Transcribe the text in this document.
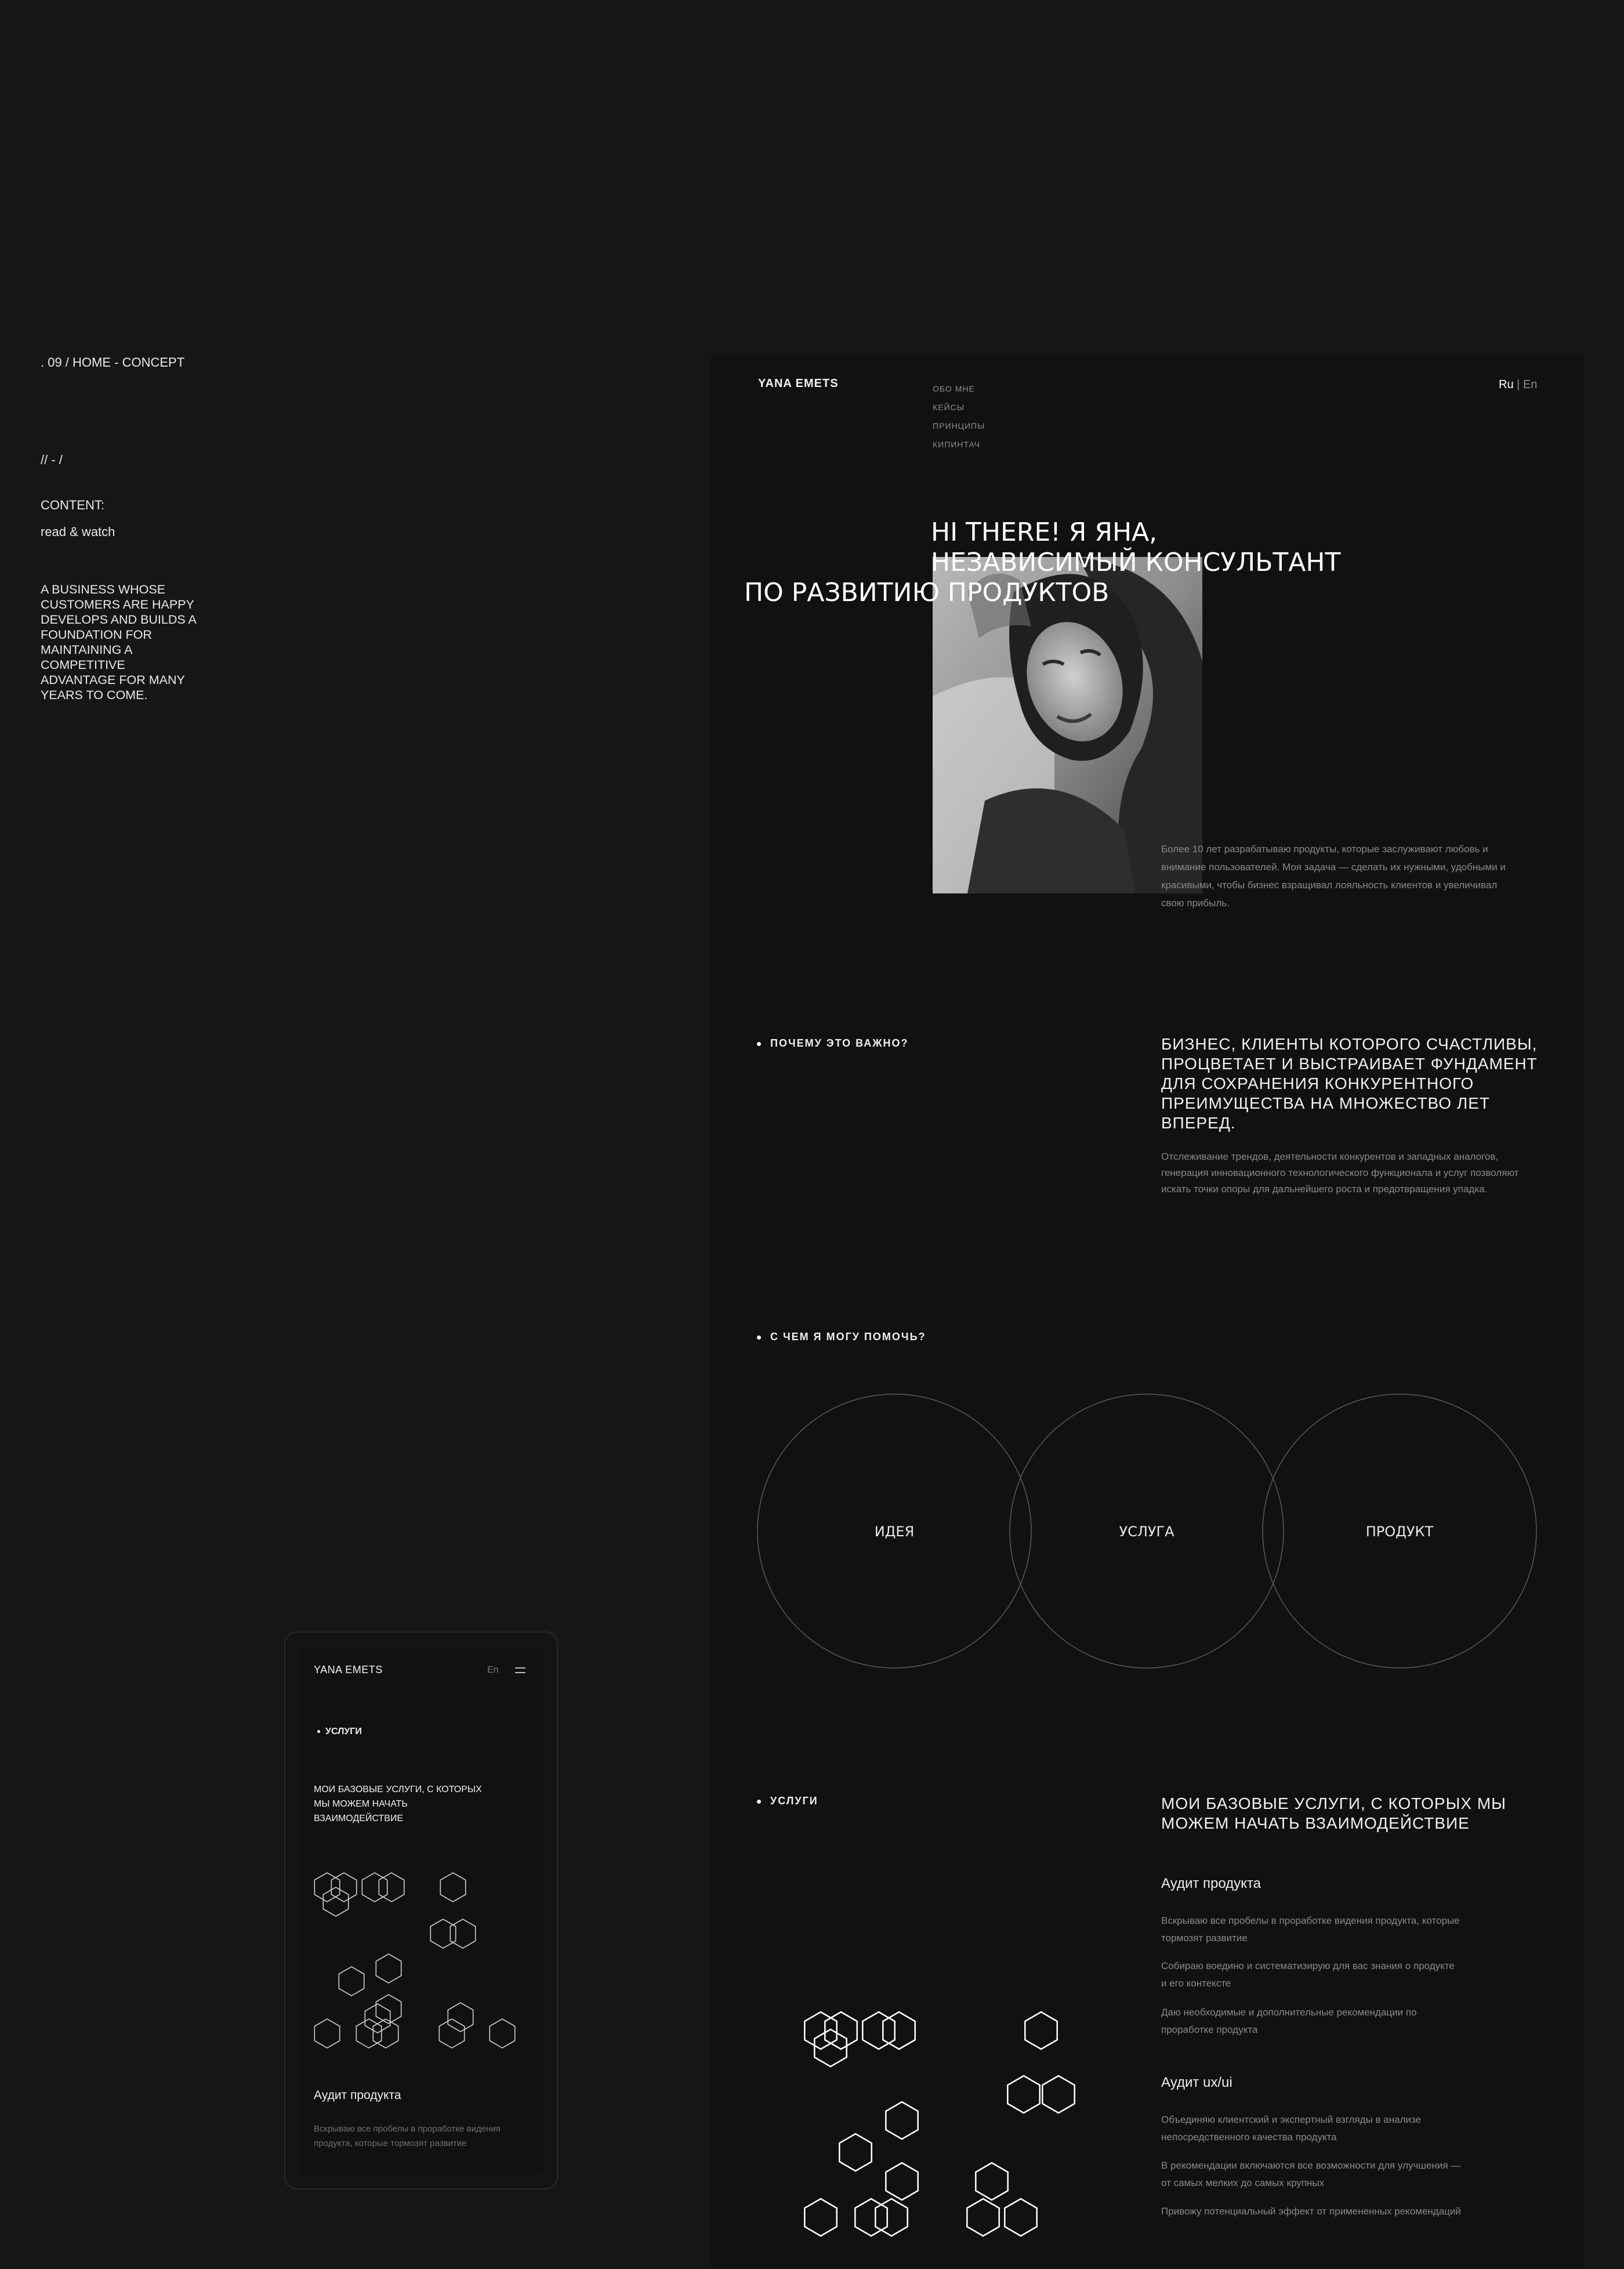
. 09 / HOME - CONCEPT
// - /
CONTENT:
read & watch
A BUSINESS WHOSE CUSTOMERS ARE HAPPY DEVELOPS AND BUILDS A FOUNDATION FOR MAINTAINING A COMPETITIVE ADVANTAGE FOR MANY YEARS TO COME.
YANA EMETS	ОБО МНЕ
КЕЙСЫ
ПРИНЦИПЫ
КИПИНТАЧ
Ru | En
HI THERE! Я ЯНА,
НЕЗАВИСИМЫЙ КОНСУЛЬТАНТ
ПО РАЗВИТИЮ ПРОДУКТОВ
Более 10 лет разрабатываю продукты, которые заслуживают любовь и внимание пользователей. Моя задача — сделать их нужными, удобными и красивыми, чтобы бизнес взращивал лояльность клиентов и увеличивал свою прибыль.
ПОЧЕМУ ЭТО ВАЖНО?	БИЗНЕС, КЛИЕНТЫ КОТОРОГО СЧАСТЛИВЫ, ПРОЦВЕТАЕТ И ВЫСТРАИВАЕТ ФУНДАМЕНТ ДЛЯ СОХРАНЕНИЯ КОНКУРЕНТНОГО ПРЕИМУЩЕСТВА НА МНОЖЕСТВО ЛЕТ ВПЕРЕД.
Отслеживание трендов, деятельности конкурентов и западных аналогов, генерация инновационного технологического функционала и услуг позволяют искать точки опоры для дальнейшего роста и предотвращения упадка.
С ЧЕМ Я МОГУ ПОМОЧЬ?
ИДЕЯ	УСЛУГА	ПРОДУКТ
УСЛУГИ	МОИ БАЗОВЫЕ УСЛУГИ, С КОТОРЫХ МЫ МОЖЕМ НАЧАТЬ ВЗАИМОДЕЙСТВИЕ
Аудит продукта
Вскрываю все пробелы в проработке видения продукта, которые тормозят развитие
Собираю воедино и систематизирую для вас знания о продукте и его контексте
Даю необходимые и дополнительные рекомендации по проработке продукта
Аудит ux/ui
Объединяю клиентский и экспертный взгляды в анализе непосредственного качества продукта
В рекомендации включаются все возможности для улучшения — от самых мелких до самых крупных
Привожу потенциальный эффект от примененных рекомендаций
YANA EMETS	En
УСЛУГИ
МОИ БАЗОВЫЕ УСЛУГИ, С КОТОРЫХ МЫ МОЖЕМ НАЧАТЬ ВЗАИМОДЕЙСТВИЕ
Аудит продукта
Вскрываю все пробелы в проработке видения продукта, которые тормозят развитие
